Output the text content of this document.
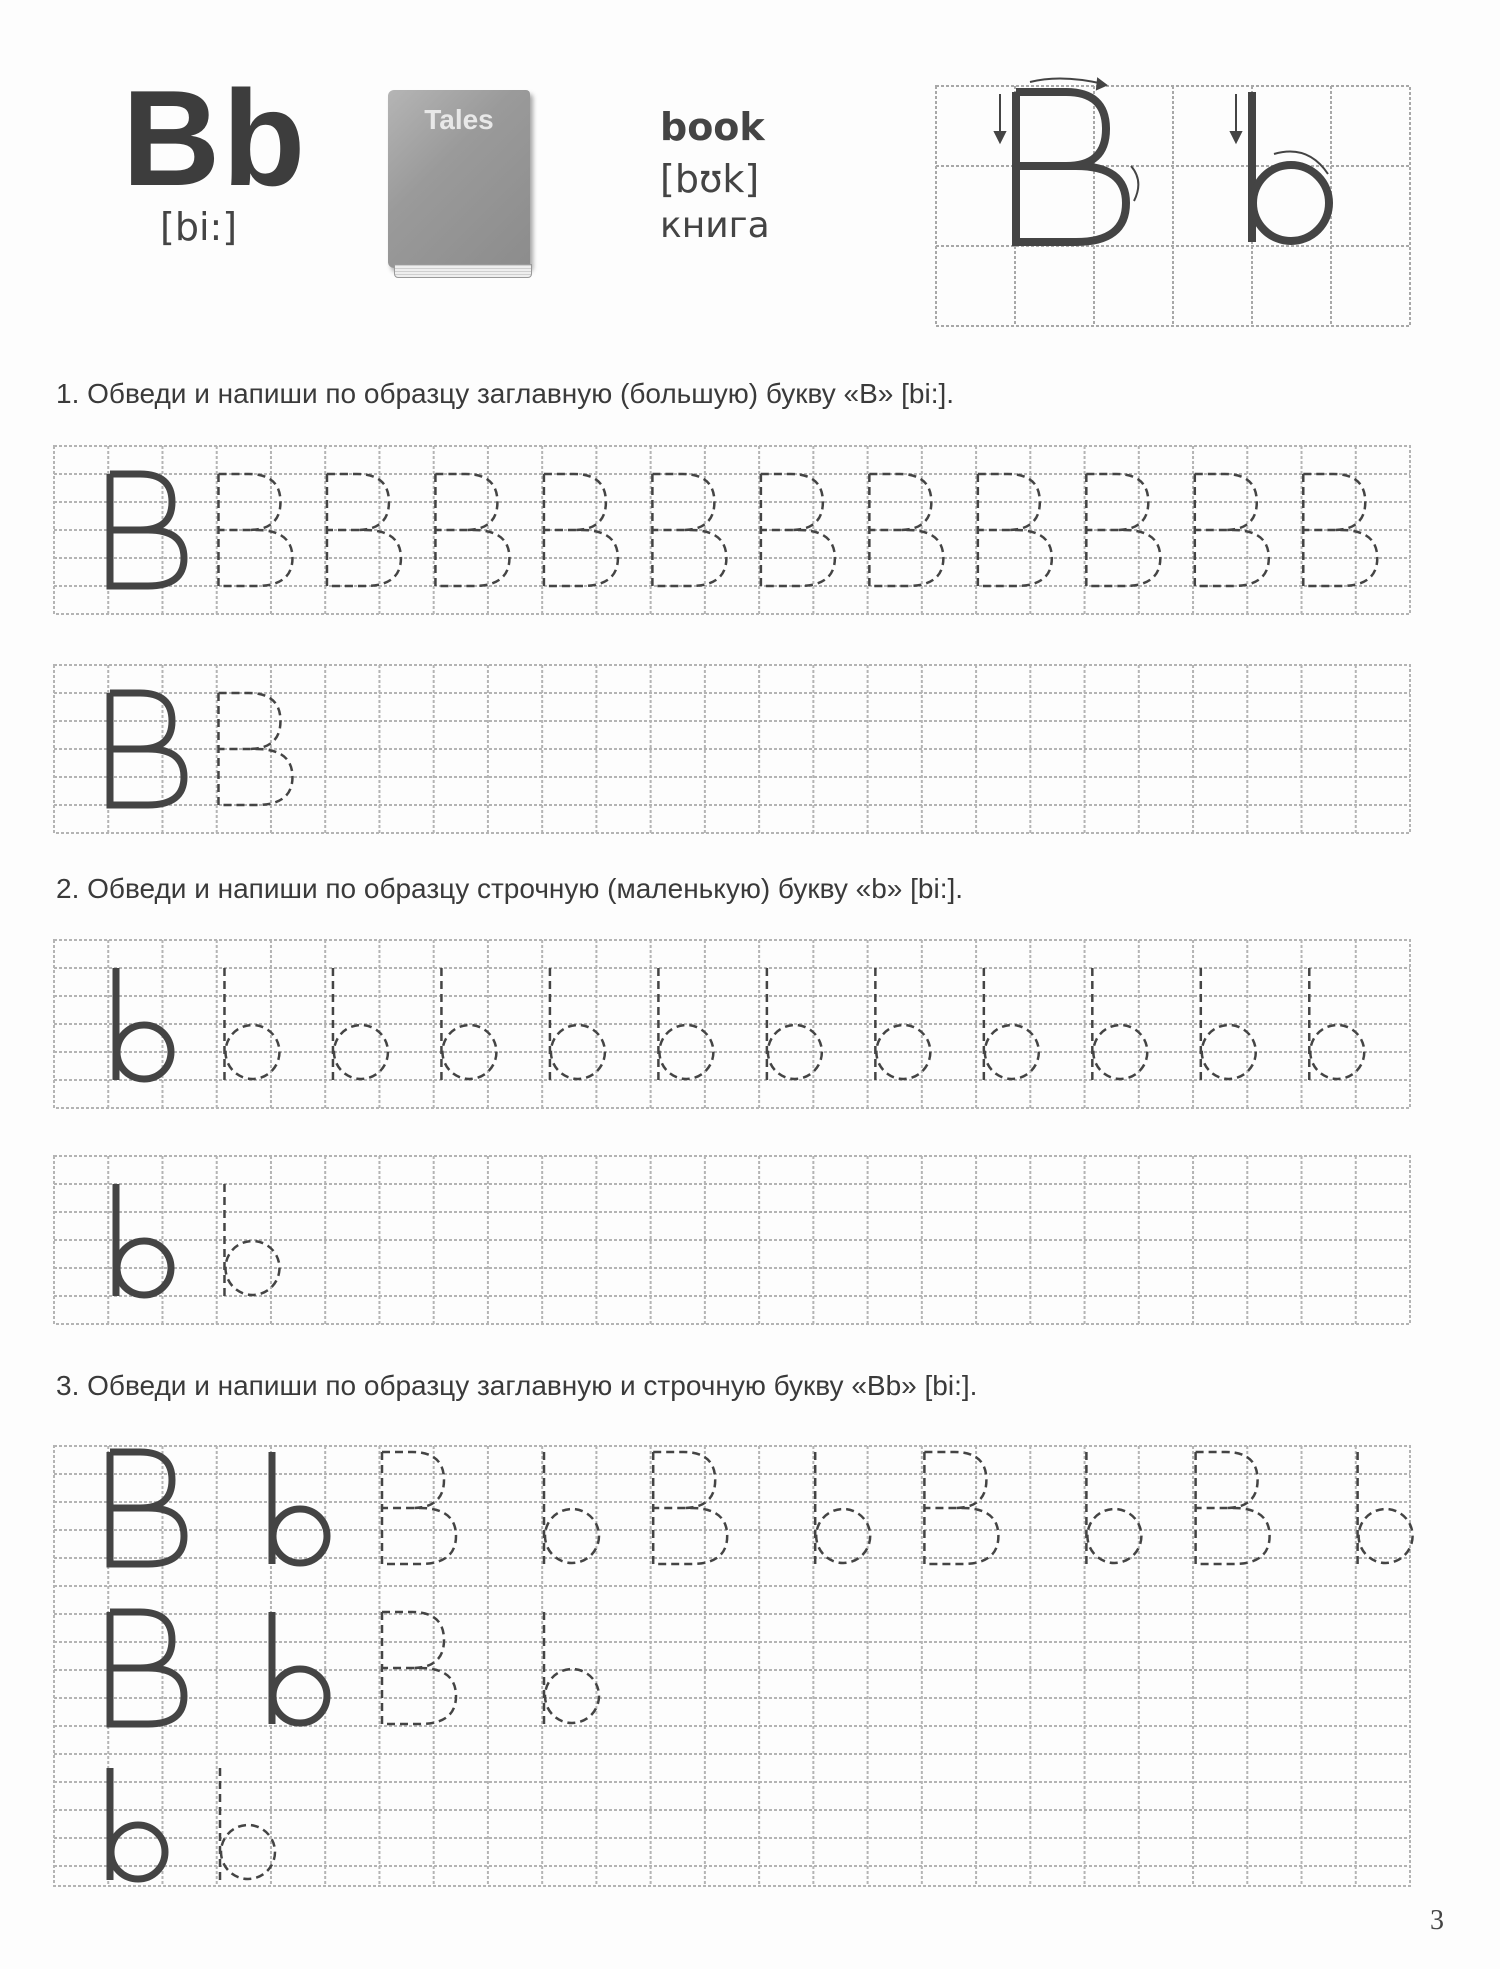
Bb
[bi:]
Tales	book
[bʊk]
книга
1. Обведи и напиши по образцу заглавную (большую) букву «B» [bi:].
2. Обведи и напиши по образцу строчную (маленькую) букву «b» [bi:].
3. Обведи и напиши по образцу заглавную и строчную букву «Bb» [bi:].
3
